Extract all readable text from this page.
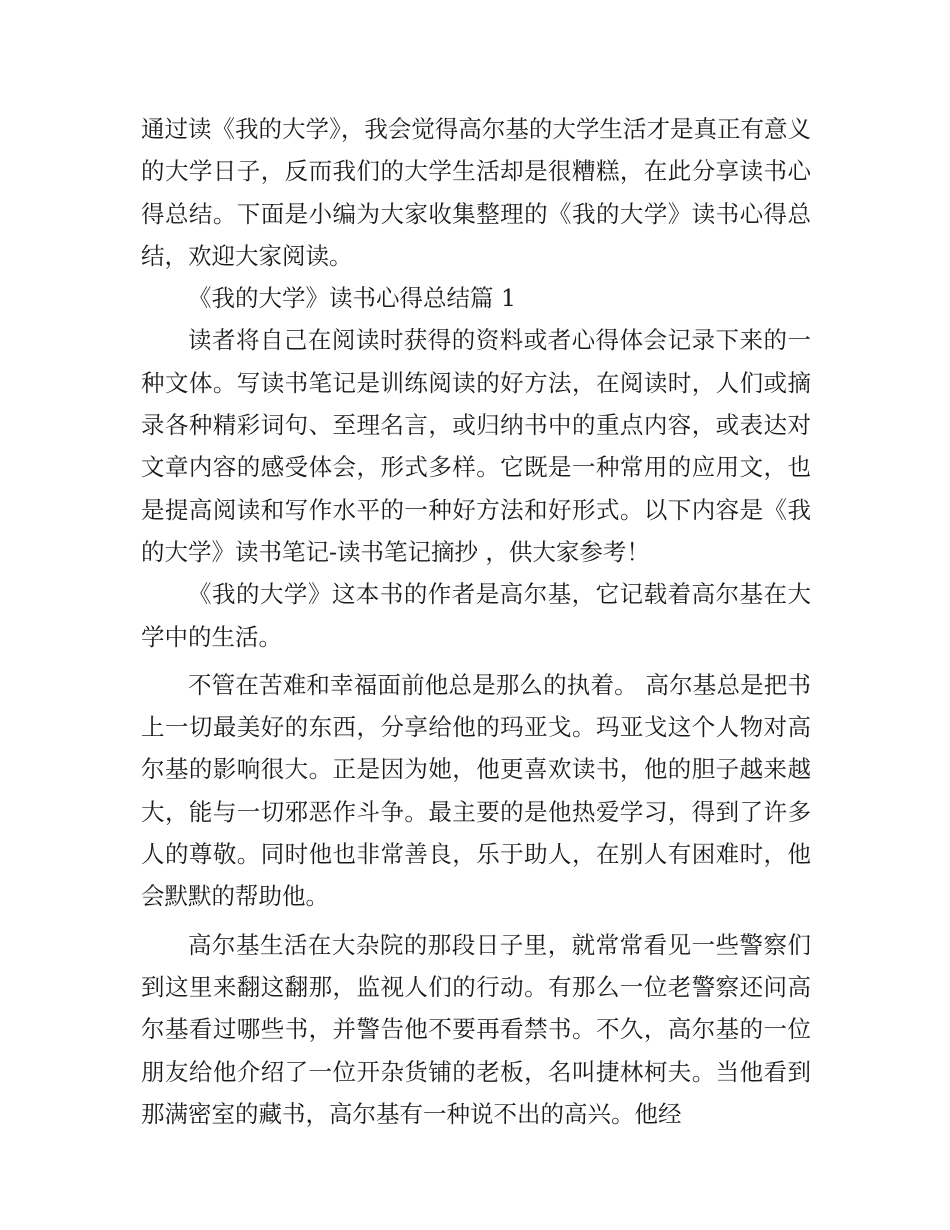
通过读《我的大学》，我会觉得高尔基的大学生活才是真正有意义的大学日子，反而我们的大学生活却是很糟糕，在此分享读书心得总结。下面是小编为大家收集整理的《我的大学》读书心得总结，欢迎大家阅读。

《我的大学》读书心得总结篇 1

读者将自己在阅读时获得的资料或者心得体会记录下来的一种文体。写读书笔记是训练阅读的好方法，在阅读时，人们或摘录各种精彩词句、至理名言，或归纳书中的重点内容，或表达对文章内容的感受体会，形式多样。它既是一种常用的应用文，也是提高阅读和写作水平的一种好方法和好形式。以下内容是《我的大学》读书笔记-读书笔记摘抄 ，供大家参考！

《我的大学》这本书的作者是高尔基，它记载着高尔基在大学中的生活。

不管在苦难和幸福面前他总是那么的执着。 高尔基总是把书上一切最美好的东西，分享给他的玛亚戈。玛亚戈这个人物对高尔基的影响很大。正是因为她，他更喜欢读书，他的胆子越来越大，能与一切邪恶作斗争。最主要的是他热爱学习，得到了许多人的尊敬。同时他也非常善良，乐于助人，在别人有困难时，他会默默的帮助他。

高尔基生活在大杂院的那段日子里，就常常看见一些警察们到这里来翻这翻那，监视人们的行动。有那么一位老警察还问高尔基看过哪些书，并警告他不要再看禁书。不久，高尔基的一位朋友给他介绍了一位开杂货铺的老板，名叫捷林柯夫。当他看到那满密室的藏书，高尔基有一种说不出的高兴。他经
